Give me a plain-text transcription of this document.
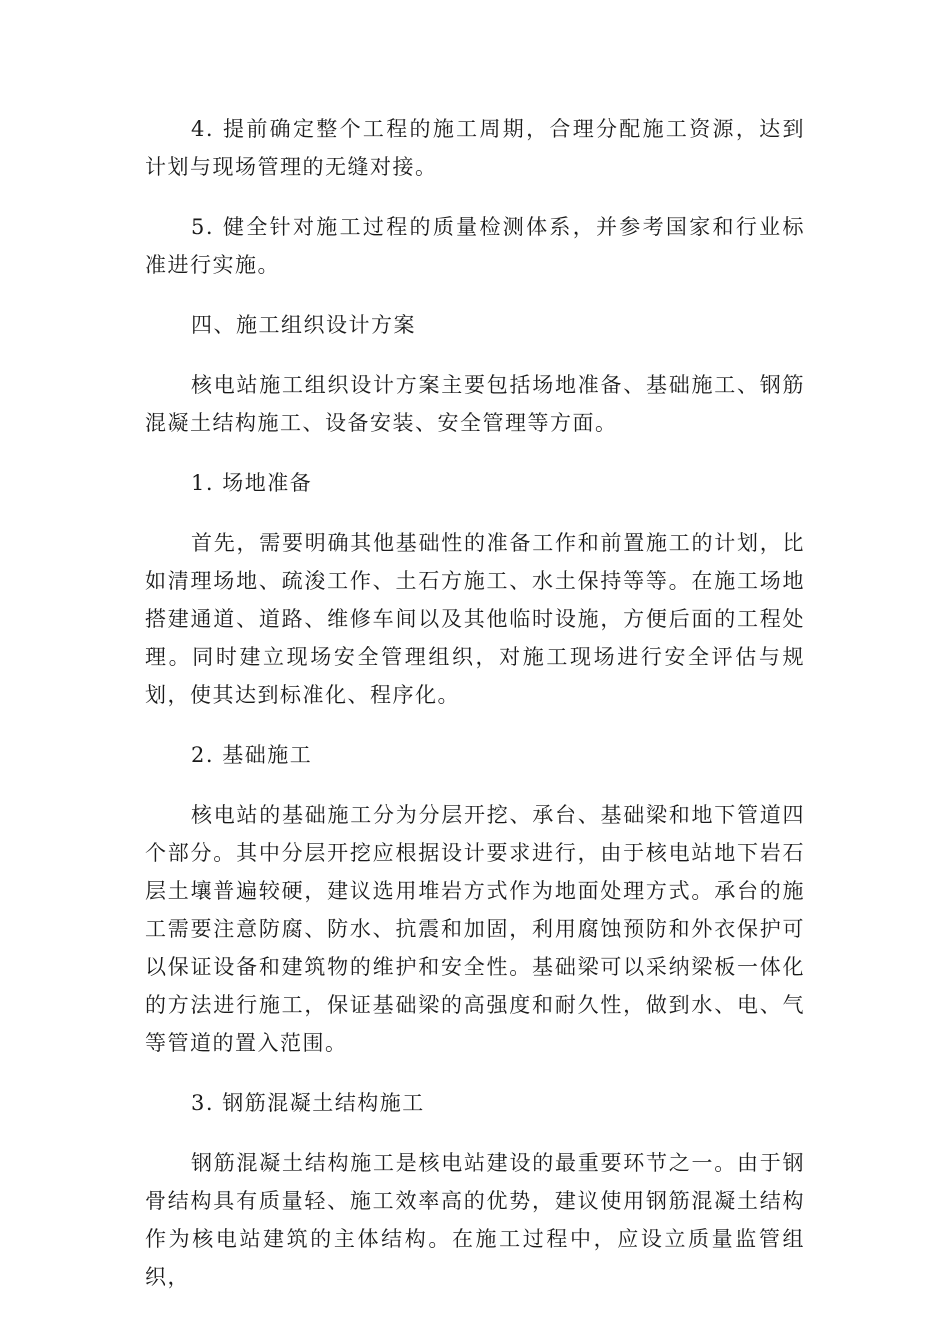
4. 提前确定整个工程的施工周期，合理分配施工资源，达到计划与现场管理的无缝对接。

5. 健全针对施工过程的质量检测体系，并参考国家和行业标准进行实施。

四、施工组织设计方案

核电站施工组织设计方案主要包括场地准备、基础施工、钢筋混凝土结构施工、设备安装、安全管理等方面。

1. 场地准备

首先，需要明确其他基础性的准备工作和前置施工的计划，比如清理场地、疏浚工作、土石方施工、水土保持等等。在施工场地搭建通道、道路、维修车间以及其他临时设施，方便后面的工程处理。同时建立现场安全管理组织，对施工现场进行安全评估与规划，使其达到标准化、程序化。

2. 基础施工

核电站的基础施工分为分层开挖、承台、基础梁和地下管道四个部分。其中分层开挖应根据设计要求进行，由于核电站地下岩石层土壤普遍较硬，建议选用堆岩方式作为地面处理方式。承台的施工需要注意防腐、防水、抗震和加固，利用腐蚀预防和外衣保护可以保证设备和建筑物的维护和安全性。基础梁可以采纳梁板一体化的方法进行施工，保证基础梁的高强度和耐久性，做到水、电、气等管道的置入范围。

3. 钢筋混凝土结构施工

钢筋混凝土结构施工是核电站建设的最重要环节之一。由于钢骨结构具有质量轻、施工效率高的优势，建议使用钢筋混凝土结构作为核电站建筑的主体结构。在施工过程中，应设立质量监管组织，
